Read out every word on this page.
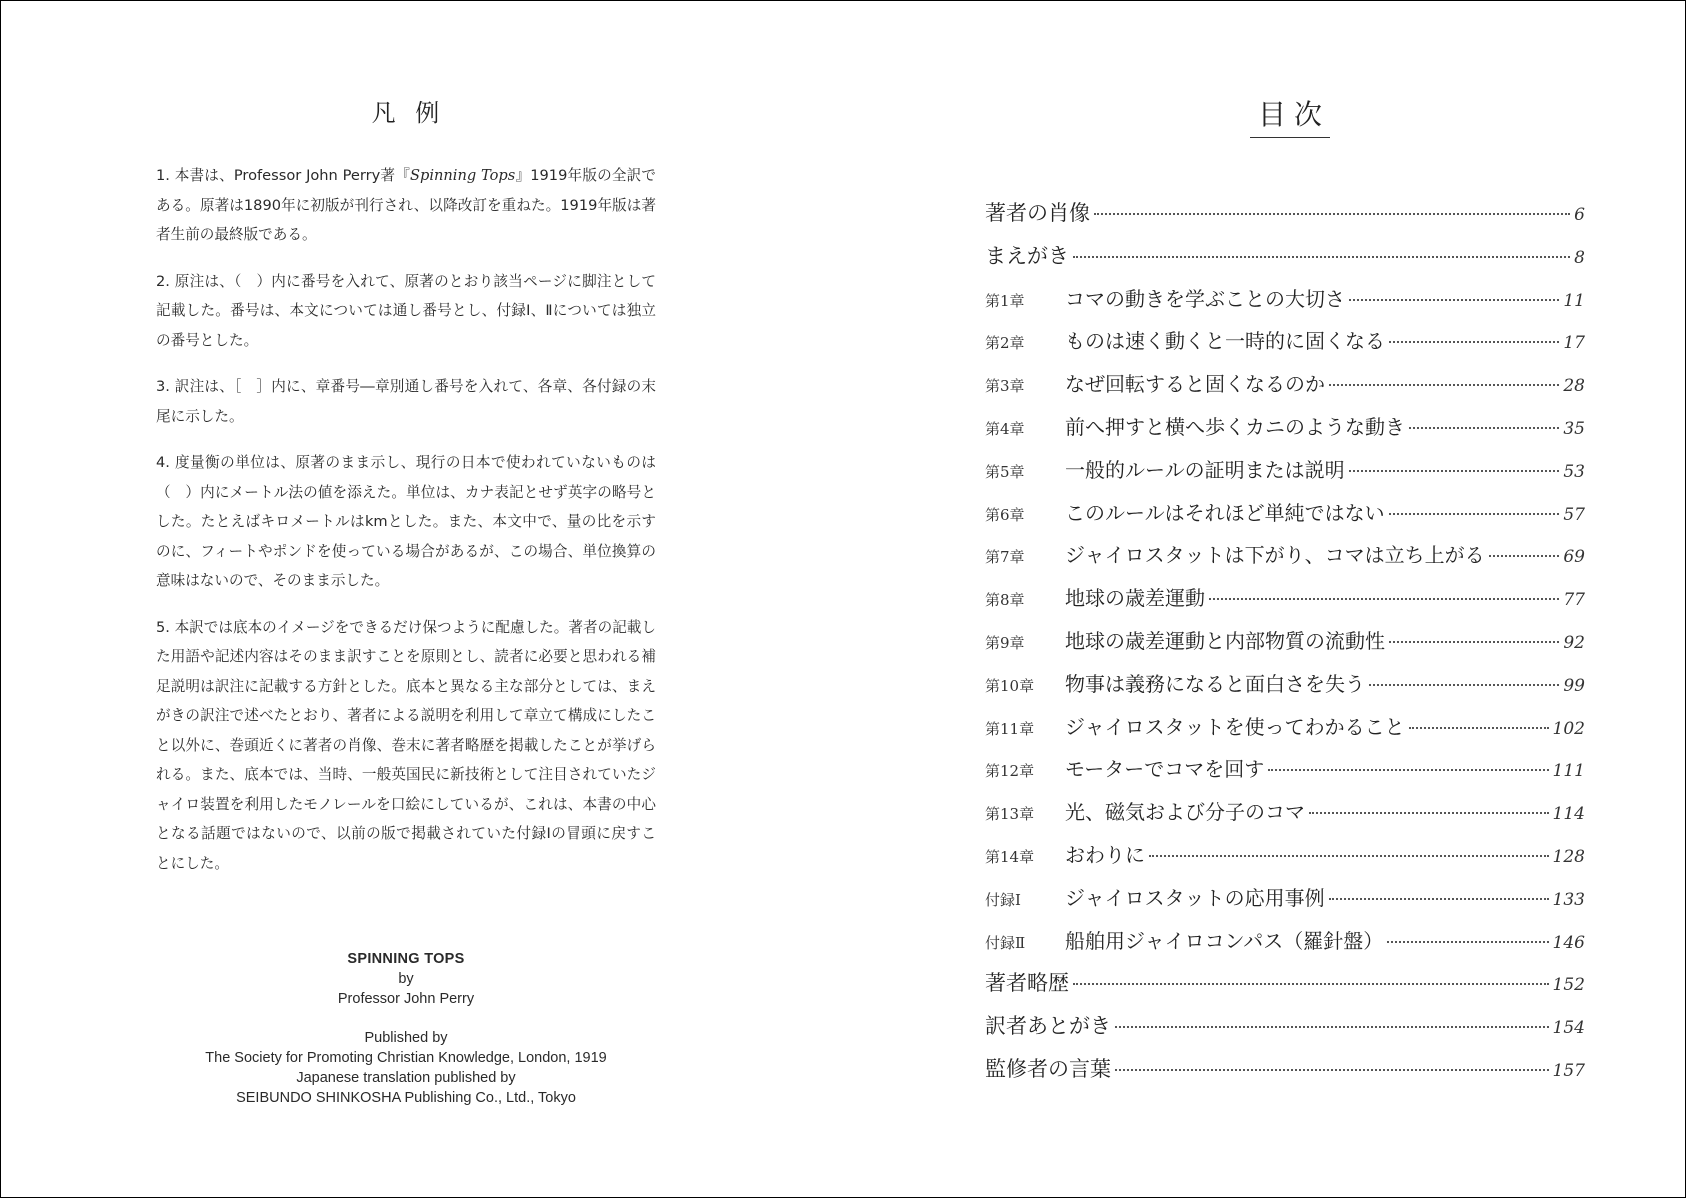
凡 例

1. 本書は、Professor John Perry著『Spinning Tops』1919年版の全訳である。原著は1890年に初版が刊行され、以降改訂を重ねた。1919年版は著者生前の最終版である。

2. 原注は、（　）内に番号を入れて、原著のとおり該当ページに脚注として記載した。番号は、本文については通し番号とし、付録Ⅰ、Ⅱについては独立の番号とした。

3. 訳注は、［　］内に、章番号―章別通し番号を入れて、各章、各付録の末尾に示した。

4. 度量衡の単位は、原著のまま示し、現行の日本で使われていないものは（　）内にメートル法の値を添えた。単位は、カナ表記とせず英字の略号とした。たとえばキロメートルはkmとした。また、本文中で、量の比を示すのに、フィートやポンドを使っている場合があるが、この場合、単位換算の意味はないので、そのまま示した。

5. 本訳では底本のイメージをできるだけ保つように配慮した。著者の記載した用語や記述内容はそのまま訳すことを原則とし、読者に必要と思われる補足説明は訳注に記載する方針とした。底本と異なる主な部分としては、まえがきの訳注で述べたとおり、著者による説明を利用して章立て構成にしたこと以外に、巻頭近くに著者の肖像、巻末に著者略歴を掲載したことが挙げられる。また、底本では、当時、一般英国民に新技術として注目されていたジャイロ装置を利用したモノレールを口絵にしているが、これは、本書の中心となる話題ではないので、以前の版で掲載されていた付録Ⅰの冒頭に戻すことにした。

SPINNING TOPS
by
Professor John Perry
Published by
The Society for Promoting Christian Knowledge, London, 1919
Japanese translation published by
SEIBUNDO SHINKOSHA Publishing Co., Ltd., Tokyo
目次
著者の肖像	6
まえがき	8
第1章	コマの動きを学ぶことの大切さ	11
第2章	ものは速く動くと一時的に固くなる	17
第3章	なぜ回転すると固くなるのか	28
第4章	前へ押すと横へ歩くカニのような動き	35
第5章	一般的ルールの証明または説明	53
第6章	このルールはそれほど単純ではない	57
第7章	ジャイロスタットは下がり、コマは立ち上がる	69
第8章	地球の歳差運動	77
第9章	地球の歳差運動と内部物質の流動性	92
第10章	物事は義務になると面白さを失う	99
第11章	ジャイロスタットを使ってわかること	102
第12章	モーターでコマを回す	111
第13章	光、磁気および分子のコマ	114
第14章	おわりに	128
付録Ⅰ	ジャイロスタットの応用事例	133
付録Ⅱ	船舶用ジャイロコンパス（羅針盤）	146
著者略歴	152
訳者あとがき	154
監修者の言葉	157
